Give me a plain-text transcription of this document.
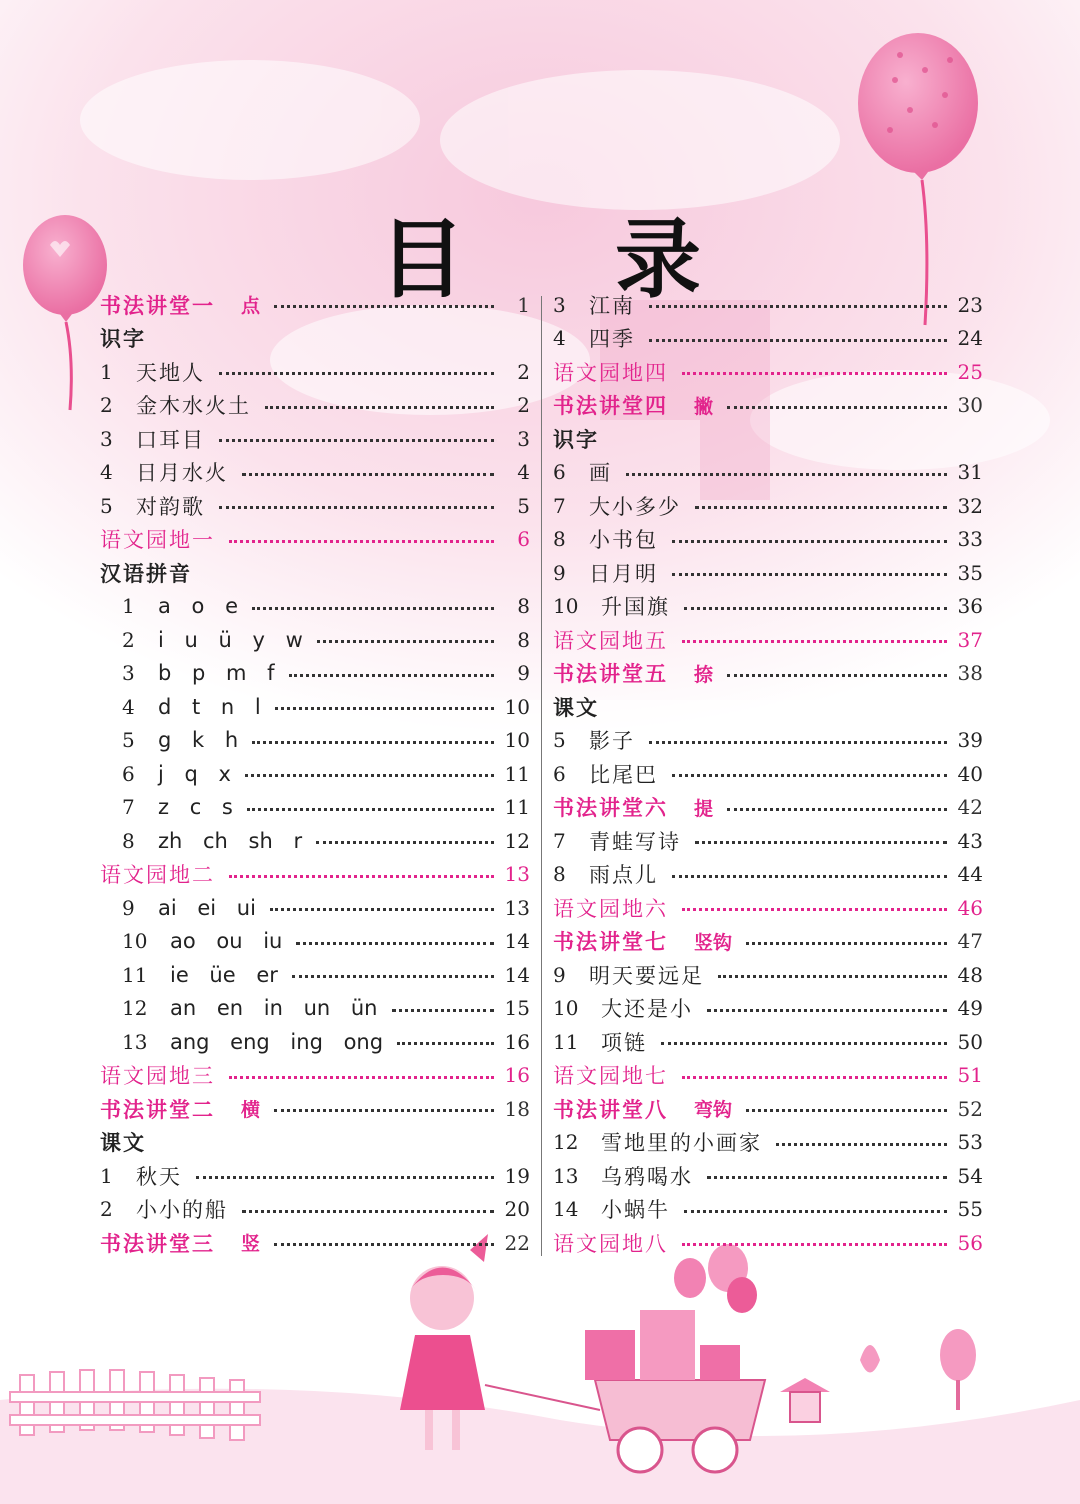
目 录
书法讲堂一 点	1
识字
1	天地人	2
2	金木水火土	2
3	口耳目	3
4	日月水火	4
5	对韵歌	5
语文园地一	6
汉语拼音
1	a o e	8
2	i u ü y w	8
3	b p m f	9
4	d t n l	10
5	g k h	10
6	j q x	11
7	z c s	11
8	zh ch sh r	12
语文园地二	13
9	ai ei ui	13
10	ao ou iu	14
11	ie üe er	14
12	an en in un ün	15
13	ang eng ing ong	16
语文园地三	16
书法讲堂二 横	18
课文
1	秋天	19
2	小小的船	20
书法讲堂三 竖	22
3	江南	23
4	四季	24
语文园地四	25
书法讲堂四 撇	30
识字
6	画	31
7	大小多少	32
8	小书包	33
9	日月明	35
10	升国旗	36
语文园地五	37
书法讲堂五 捺	38
课文
5	影子	39
6	比尾巴	40
书法讲堂六 提	42
7	青蛙写诗	43
8	雨点儿	44
语文园地六	46
书法讲堂七 竖钩	47
9	明天要远足	48
10	大还是小	49
11	项链	50
语文园地七	51
书法讲堂八 弯钩	52
12	雪地里的小画家	53
13	乌鸦喝水	54
14	小蜗牛	55
语文园地八	56
